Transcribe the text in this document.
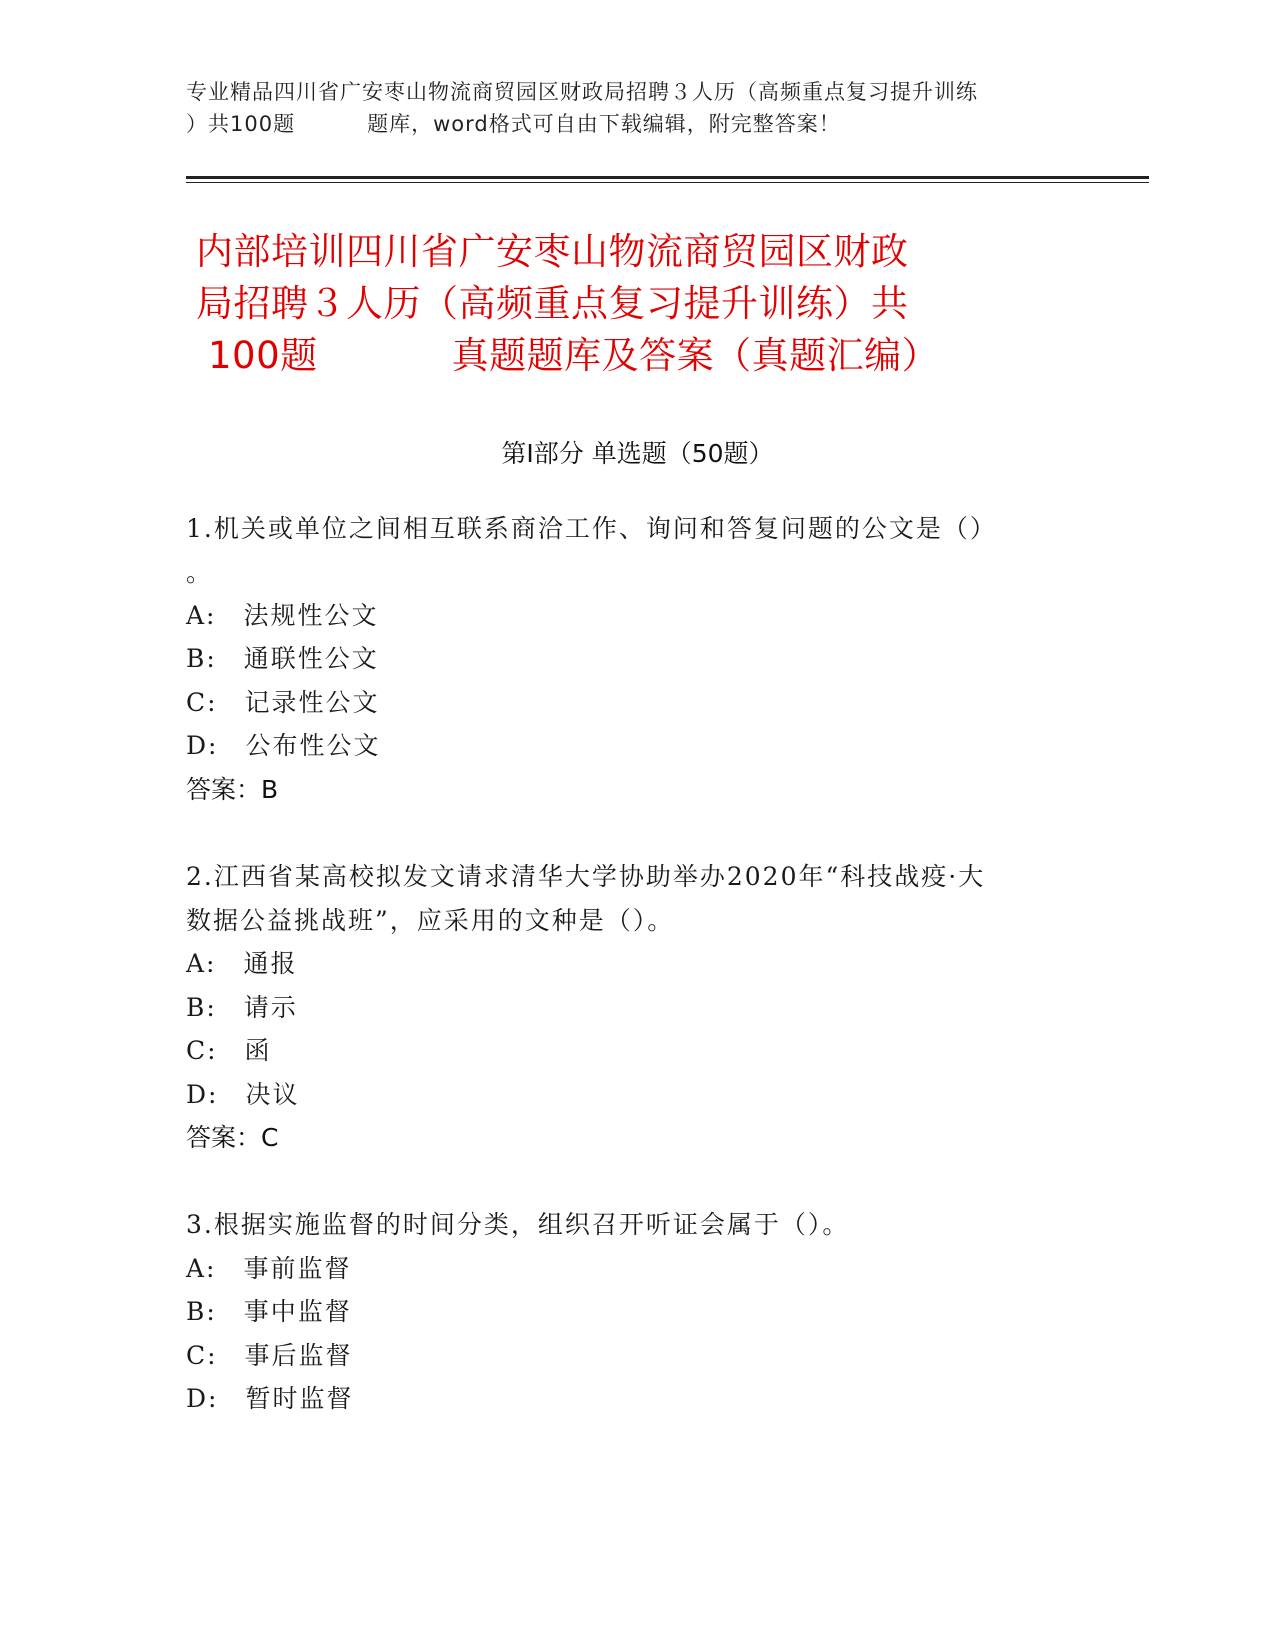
专业精品四川省广安枣山物流商贸园区财政局招聘３人历（高频重点复习提升训练
）共100题	题库，word格式可自由下载编辑，附完整答案！
内部培训四川省广安枣山物流商贸园区财政
局招聘３人历（高频重点复习提升训练）共
100题	真题题库及答案（真题汇编）
第Ⅰ部分 单选题（50题）
1.机关或单位之间相互联系商洽工作、询问和答复问题的公文是（）
。
A:　法规性公文
B:　通联性公文
C:　记录性公文
D:　公布性公文
答案：B
2.江西省某高校拟发文请求清华大学协助举办2020年“科技战疫·大
数据公益挑战班”，应采用的文种是（）。
A:　通报
B:　请示
C:　函
D:　决议
答案：C
3.根据实施监督的时间分类，组织召开听证会属于（）。
A:　事前监督
B:　事中监督
C:　事后监督
D:　暂时监督
